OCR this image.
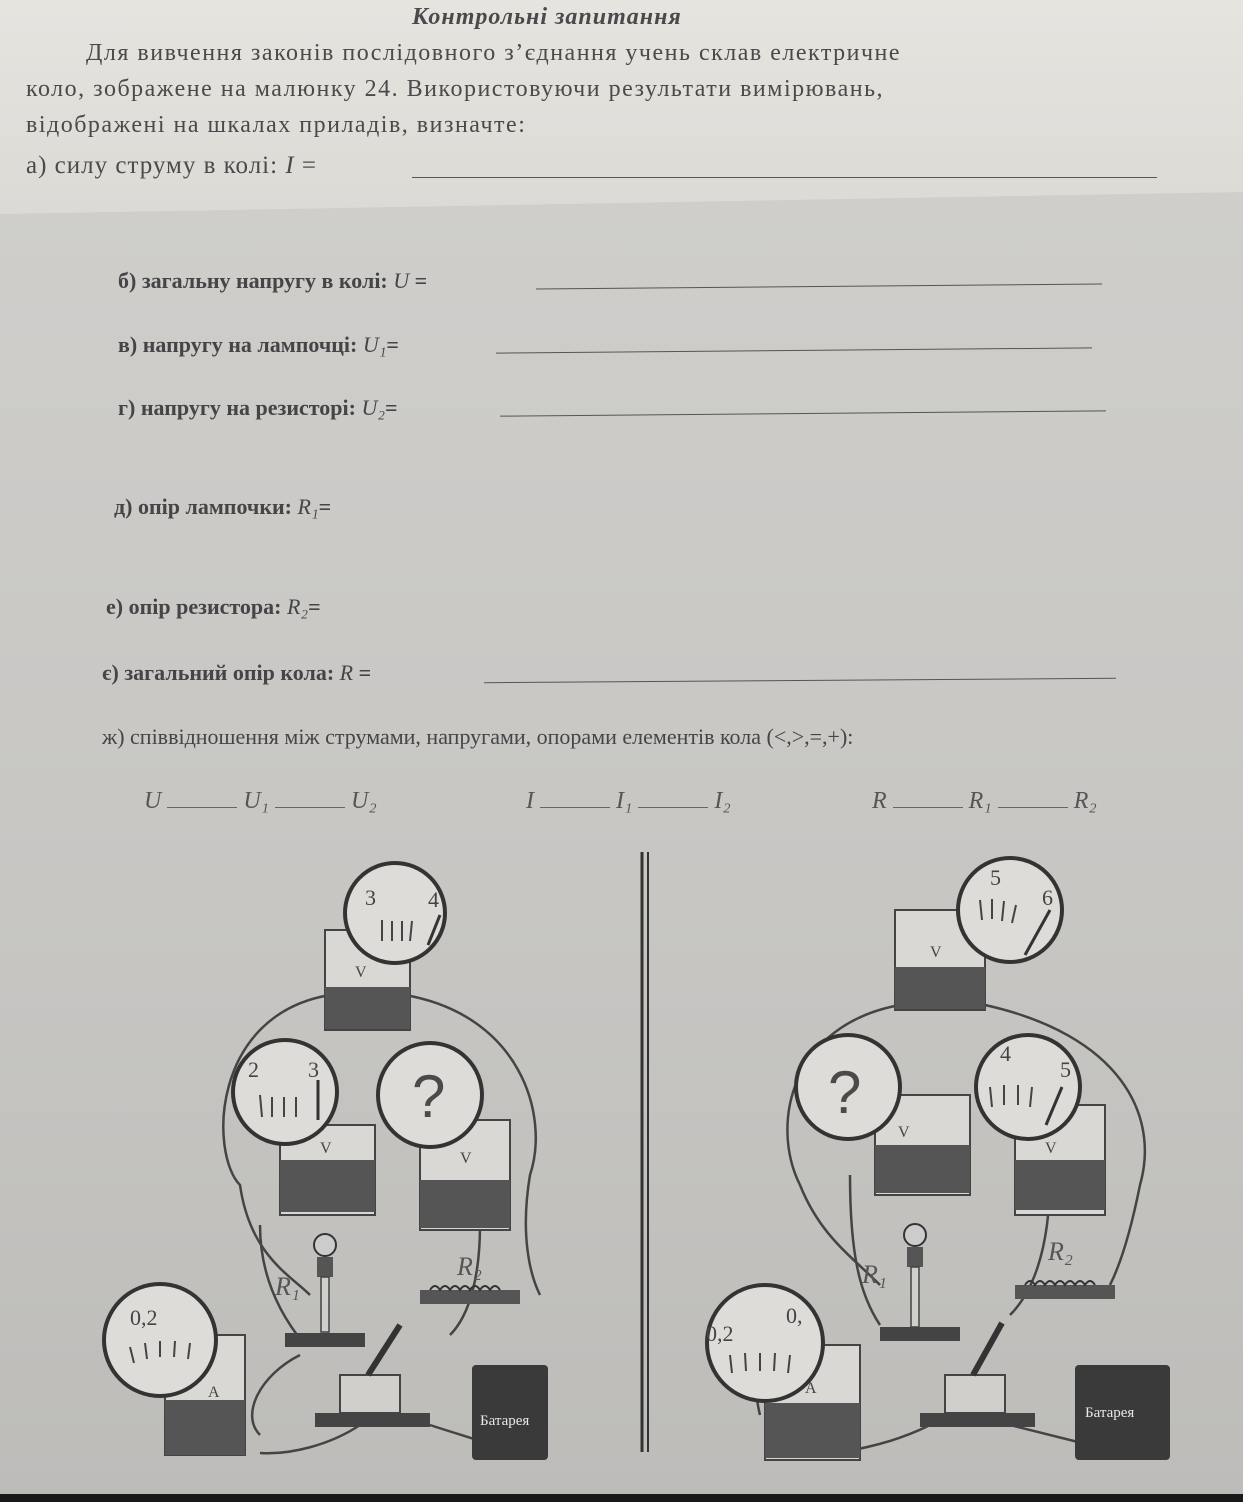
Контрольні запитання
Для вивчення законів послідовного з’єднання учень склав електричне
коло, зображене на малюнку 24. Використовуючи результати вимірювань,
відображені на шкалах приладів, визначте:
а) силу струму в колі: I =
б) загальну напругу в колі: U =
в) напругу на лампочці: U₁=
г) напругу на резисторі: U₂=
д) опір лампочки: R₁=
е) опір резистора: R₂=
є) загальний опір кола: R =
ж) співвідношення між струмами, напругами, опорами елементів кола (<,>,=,+):
U	U₁	U₂	I	I₁	I₂	R	R₁	R₂
V
3 4
V
2 3
V
?
R₁
R₂
A
0,2
Батарея
V
5
6
V
?
V
4
5
R₁
R₂
A
0,2
0,
Батарея
